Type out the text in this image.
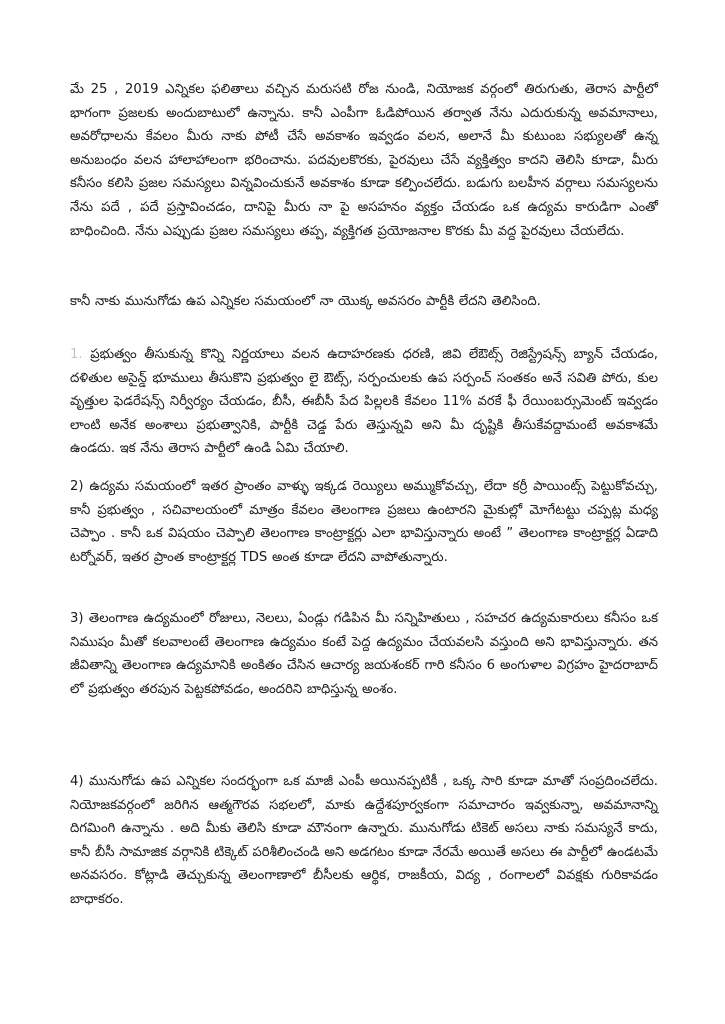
మే 25 , 2019 ఎన్నికల ఫలితాలు వచ్చిన మరుసటి రోజ నుండి, నియోజక వర్గంలో తిరుగుతు, తెరాస పార్టీలో భాగంగా ప్రజలకు అందుబాటులో ఉన్నాను. కానీ ఎంపీగా ఓడిపోయిన తర్వాత నేను ఎదురుకున్న అవమానాలు, అవరోధాలను కేవలం మీరు నాకు పోటీ చేసే అవకాశం ఇవ్వడం వలన, అలానే మీ కుటుంబ సభ్యులతో ఉన్న అనుబంధం వలన హాలాహాలంగా భరించాను. పదవులకొరకు, పైరవులు చేసే వ్యక్తిత్వం కాదని తెలిసి కూడా, మీరు కనీసం కలిసి ప్రజల సమస్యలు విన్నవించుకునే అవకాశం కూడా కల్పించలేదు. బడుగు బలహీన వర్గాలు సమస్యలను నేను పదే , పదే ప్రస్తావించడం, దానిపై మీరు నా పై అసహనం వ్యక్తం చేయడం ఒక ఉద్యమ కారుడిగా ఎంతో బాధించింది. నేను ఎప్పుడు ప్రజల సమస్యలు తప్ప, వ్యక్తిగత ప్రయోజనాల కొరకు మీ వద్ద పైరవులు చేయలేదు.

కానీ నాకు మునుగోడు ఉప ఎన్నికల సమయంలో నా యొక్క అవసరం పార్టీకి లేదని తెలిసింది.

1. ప్రభుత్వం తీసుకున్న కొన్ని నిర్ణయాలు వలన ఉదాహరణకు ధరణి, జివి లేఔట్స్ రెజిస్ట్రేషన్స్ బ్యాన్ చేయడం, దళితుల అసైన్డ్ భూములు తీసుకొని ప్రభుత్వం లై ఔట్స్, సర్పంచులకు ఉప సర్పంచ్ సంతకం అనే సవితి పోరు, కుల వృత్తుల ఫెడరేషన్స్ నిర్వీర్యం చేయడం, బీసీ, ఈబీసీ పేద పిల్లలకి కేవలం 11% వరకే ఫీ రేయింబర్సుమెంట్ ఇవ్వడం లాంటి అనేక అంశాలు ప్రభుత్వానికి, పార్టీకి చెడ్డ పేరు తెస్తున్నవి అని మీ దృష్టికి తీసుకేవద్దామంటే అవకాశమే ఉండదు. ఇక నేను తెరాస పార్టీలో ఉండి ఏమి చేయాలి.

2) ఉద్యమ సమయంలో ఇతర ప్రాంతం వాళ్ళు ఇక్కడ రెయ్యిలు అమ్ముకోవచ్చు, లేదా కర్రీ పాయింట్స్ పెట్టుకోవచ్చు, కానీ ప్రభుత్వం , సచివాలయంలో మాత్రం కేవలం తెలంగాణ ప్రజలు ఉంటారని మైకుల్లో మోగేటట్టు చప్పట్ల మధ్య చెప్పాం . కానీ ఒక విషయం చెప్పాలి తెలంగాణ కాంట్రాక్టర్లు ఎలా భావిస్తున్నారు అంటే ” తెలంగాణ కాంట్రాక్టర్ల ఏడాది టర్నోవర్, ఇతర ప్రాంత కాంట్రాక్టర్ల TDS అంత కూడా లేదని వాపోతున్నారు.

3) తెలంగాణ ఉద్యమంలో రోజులు, నెలలు, ఏండ్లు గడిపిన మీ సన్నిహితులు , సహచర ఉద్యమకారులు కనీసం ఒక నిముషం మీతో కలవాలంటే తెలంగాణ ఉద్యమం కంటే పెద్ద ఉద్యమం చేయవలసి వస్తుంది అని భావిస్తున్నారు. తన జీవితాన్ని తెలంగాణ ఉద్యమానికి అంకితం చేసిన ఆచార్య జయశంకర్ గారి కనీసం 6 అంగుళాల విగ్రహం హైదరాబాద్ లో ప్రభుత్వం తరపున పెట్టకపోవడం, అందరిని బాధిస్తున్న అంశం.

4) మునుగోడు ఉప ఎన్నికల సందర్భంగా ఒక మాజీ ఎంపీ అయినప్పటికీ , ఒక్క సారి కూడా మాతో సంప్రదించలేదు. నియోజకవర్గంలో జరిగిన ఆత్మగౌరవ సభలలో, మాకు ఉద్దేశపూర్వకంగా సమాచారం ఇవ్వకున్నా, అవమానాన్ని దిగమింగి ఉన్నాను . అది మీకు తెలిసి కూడా మౌనంగా ఉన్నారు. మునుగోడు టికెట్ అసలు నాకు సమస్యనే కాదు, కానీ బీసీ సామాజిక వర్గానికి టిక్కెట్ పరిశీలించండి అని అడగటం కూడా నేరమే అయితే అసలు ఈ పార్టీలో ఉండటమే అనవసరం. కోట్లాడి తెచ్చుకున్న తెలంగాణాలో బీసీలకు ఆర్థిక, రాజకీయ, విద్య , రంగాలలో వివక్షకు గురికావడం బాధాకరం.
